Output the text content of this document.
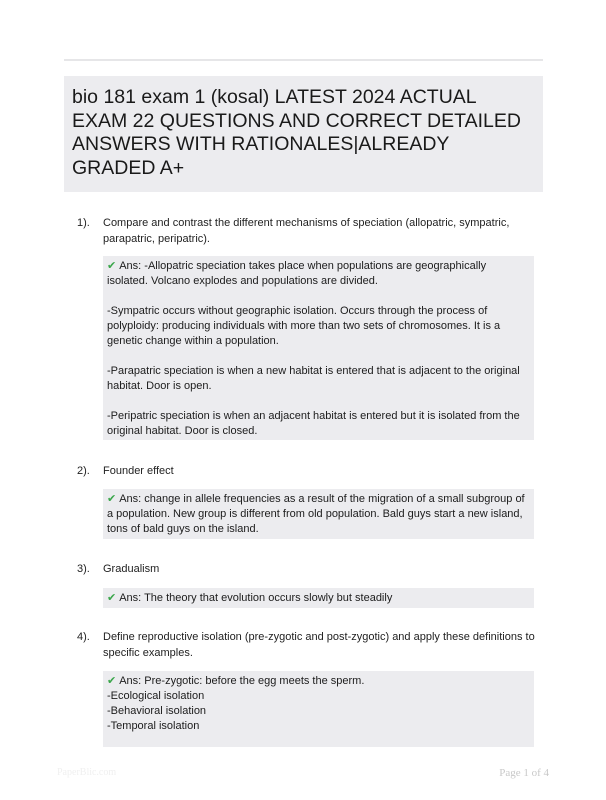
bio 181 exam 1 (kosal) LATEST 2024 ACTUAL EXAM 22 QUESTIONS AND CORRECT DETAILED ANSWERS WITH RATIONALES|ALREADY GRADED A+
1). Compare and contrast the different mechanisms of speciation (allopatric, sympatric, parapatric, peripatric).

✔ Ans: -Allopatric speciation takes place when populations are geographically isolated. Volcano explodes and populations are divided.

-Sympatric occurs without geographic isolation. Occurs through the process of polyploidy: producing individuals with more than two sets of chromosomes. It is a genetic change within a population.

-Parapatric speciation is when a new habitat is entered that is adjacent to the original habitat. Door is open.

-Peripatric speciation is when an adjacent habitat is entered but it is isolated from the original habitat. Door is closed.

2). Founder effect

✔ Ans: change in allele frequencies as a result of the migration of a small subgroup of a population. New group is different from old population. Bald guys start a new island, tons of bald guys on the island.

3). Gradualism

✔ Ans: The theory that evolution occurs slowly but steadily

4). Define reproductive isolation (pre-zygotic and post-zygotic) and apply these definitions to specific examples.
✔ Ans: Pre-zygotic: before the egg meets the sperm.
-Ecological isolation
-Behavioral isolation
-Temporal isolation
PaperBlic.com	Page 1 of 4
